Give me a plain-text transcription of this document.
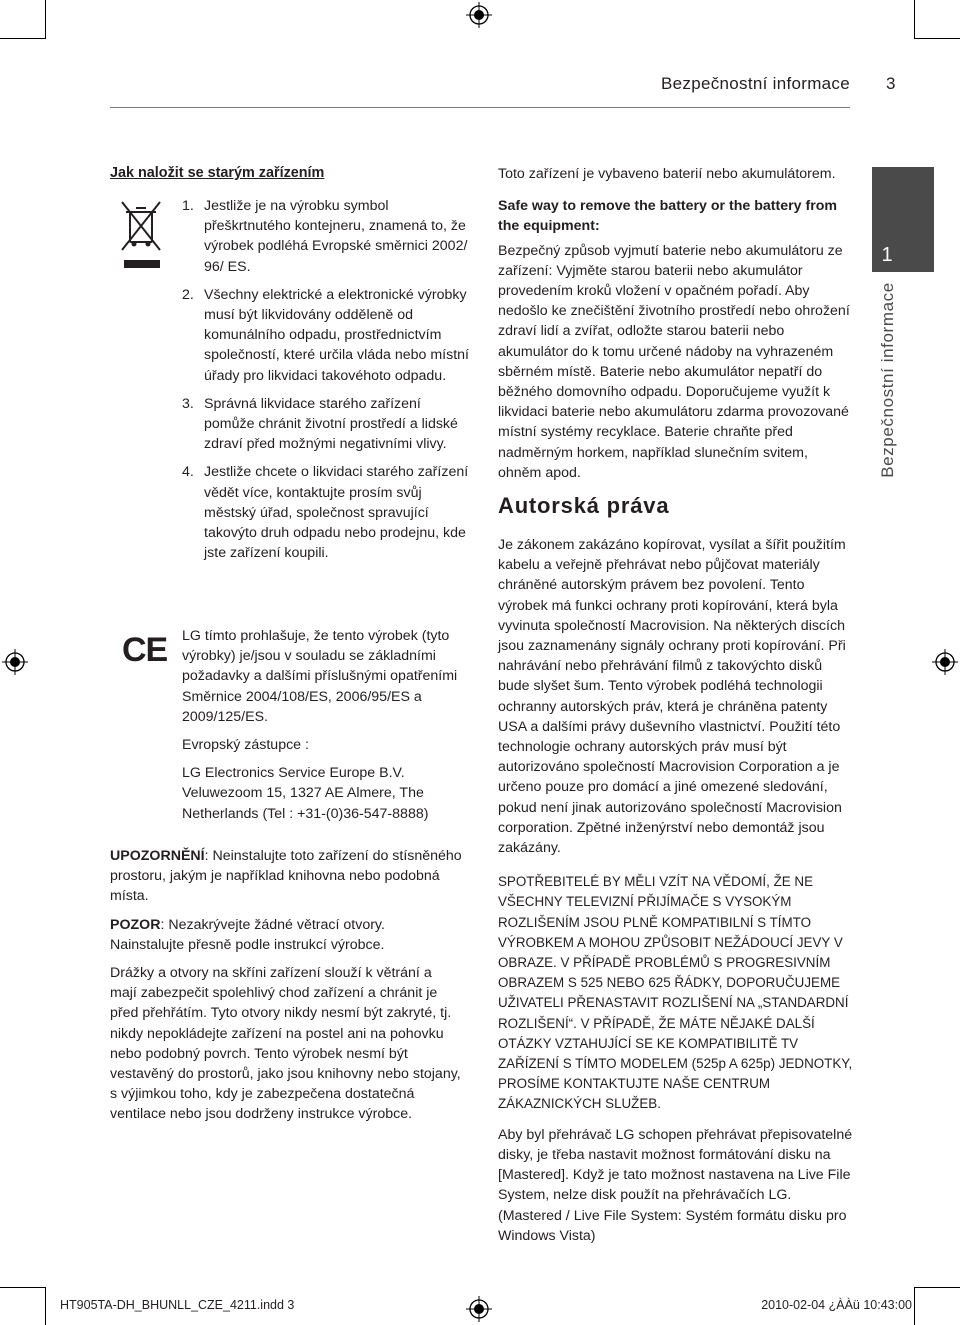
Bezpečnostní informace 3
1
Bezpečnostní informace
Jak naložit se starým zařízením
1. Jestliže je na výrobku symbol přeškrtnutého kontejneru, znamená to, že výrobek podléhá Evropské směrnici 2002/ 96/ ES.
2. Všechny elektrické a elektronické výrobky musí být likvidovány odděleně od komunálního odpadu, prostřednictvím společností, které určila vláda nebo místní úřady pro likvidaci takovéhoto odpadu.
3. Správná likvidace starého zařízení pomůže chránit životní prostředí a lidské zdraví před možnými negativními vlivy.
4. Jestliže chcete o likvidaci starého zařízení vědět více, kontaktujte prosím svůj městský úřad, společnost spravující takovýto druh odpadu nebo prodejnu, kde jste zařízení koupili.
CE LG tímto prohlašuje, že tento výrobek (tyto výrobky) je/jsou v souladu se základními požadavky a dalšími příslušnými opatřeními Směrnice 2004/108/ES, 2006/95/ES a 2009/125/ES.

Evropský zástupce :

LG Electronics Service Europe B.V.

Veluwezoom 15, 1327 AE Almere, The Netherlands (Tel : +31-(0)36-547-8888)

UPOZORNĚNÍ: Neinstalujte toto zařízení do stísněného prostoru, jakým je například knihovna nebo podobná místa.

POZOR: Nezakrývejte žádné větrací otvory. Nainstalujte přesně podle instrukcí výrobce.

Drážky a otvory na skříni zařízení slouží k větrání a mají zabezpečit spolehlivý chod zařízení a chránit je před přehřátím. Tyto otvory nikdy nesmí být zakryté, tj. nikdy nepokládejte zařízení na postel ani na pohovku nebo podobný povrch. Tento výrobek nesmí být vestavěný do prostorů, jako jsou knihovny nebo stojany, s výjimkou toho, kdy je zabezpečena dostatečná ventilace nebo jsou dodrženy instrukce výrobce.

Toto zařízení je vybaveno baterií nebo akumulátorem.

Safe way to remove the battery or the battery from the equipment:

Bezpečný způsob vyjmutí baterie nebo akumulátoru ze zařízení: Vyjměte starou baterii nebo akumulátor provedením kroků vložení v opačném pořadí. Aby nedošlo ke znečištění životního prostředí nebo ohrožení zdraví lidí a zvířat, odložte starou baterii nebo akumulátor do k tomu určené nádoby na vyhrazeném sběrném místě. Baterie nebo akumulátor nepatří do běžného domovního odpadu. Doporučujeme využít k likvidaci baterie nebo akumulátoru zdarma provozované místní systémy recyklace. Baterie chraňte před nadměrným horkem, například slunečním svitem, ohněm apod.

Autorská práva

Je zákonem zakázáno kopírovat, vysílat a šířit použitím kabelu a veřejně přehrávat nebo půjčovat materiály chráněné autorským právem bez povolení. Tento výrobek má funkci ochrany proti kopírování, která byla vyvinuta společností Macrovision. Na některých discích jsou zaznamenány signály ochrany proti kopírování. Při nahrávání nebo přehrávání filmů z takovýchto disků bude slyšet šum. Tento výrobek podléhá technologii ochranny autorských práv, která je chráněna patenty USA a dalšími právy duševního vlastnictví. Použití této technologie ochrany autorských práv musí být autorizováno společností Macrovision Corporation a je určeno pouze pro domácí a jiné omezené sledování, pokud není jinak autorizováno společností Macrovision corporation. Zpětné inženýrství nebo demontáž jsou zakázány.

SPOTŘEBITELÉ BY MĚLI VZÍT NA VĚDOMÍ, ŽE NE VŠECHNY TELEVIZNÍ PŘIJÍMAČE S VYSOKÝM ROZLIŠENÍM JSOU PLNĚ KOMPATIBILNÍ S TÍMTO VÝROBKEM A MOHOU ZPŮSOBIT NEŽÁDOUCÍ JEVY V OBRAZE. V PŘÍPADĚ PROBLÉMŮ S PROGRESIVNÍM OBRAZEM S 525 NEBO 625 ŘÁDKY, DOPORUČUJEME UŽIVATELI PŘENASTAVIT ROZLIŠENÍ NA „STANDARDNÍ ROZLIŠENÍ“. V PŘÍPADĚ, ŽE MÁTE NĚJAKÉ DALŠÍ OTÁZKY VZTAHUJÍCÍ SE KE KOMPATIBILITĚ TV ZAŘÍZENÍ S TÍMTO MODELEM (525p A 625p) JEDNOTKY, PROSÍME KONTAKTUJTE NAŠE CENTRUM ZÁKAZNICKÝCH SLUŽEB.

Aby byl přehrávač LG schopen přehrávat přepisovatelné disky, je třeba nastavit možnost formátování disku na [Mastered]. Když je tato možnost nastavena na Live File System, nelze disk použít na přehrávačích LG. (Mastered / Live File System: Systém formátu disku pro Windows Vista)

HT905TA-DH_BHUNLL_CZE_4211.indd 3	2010-02-04 ¿ÀÀü 10:43:00
